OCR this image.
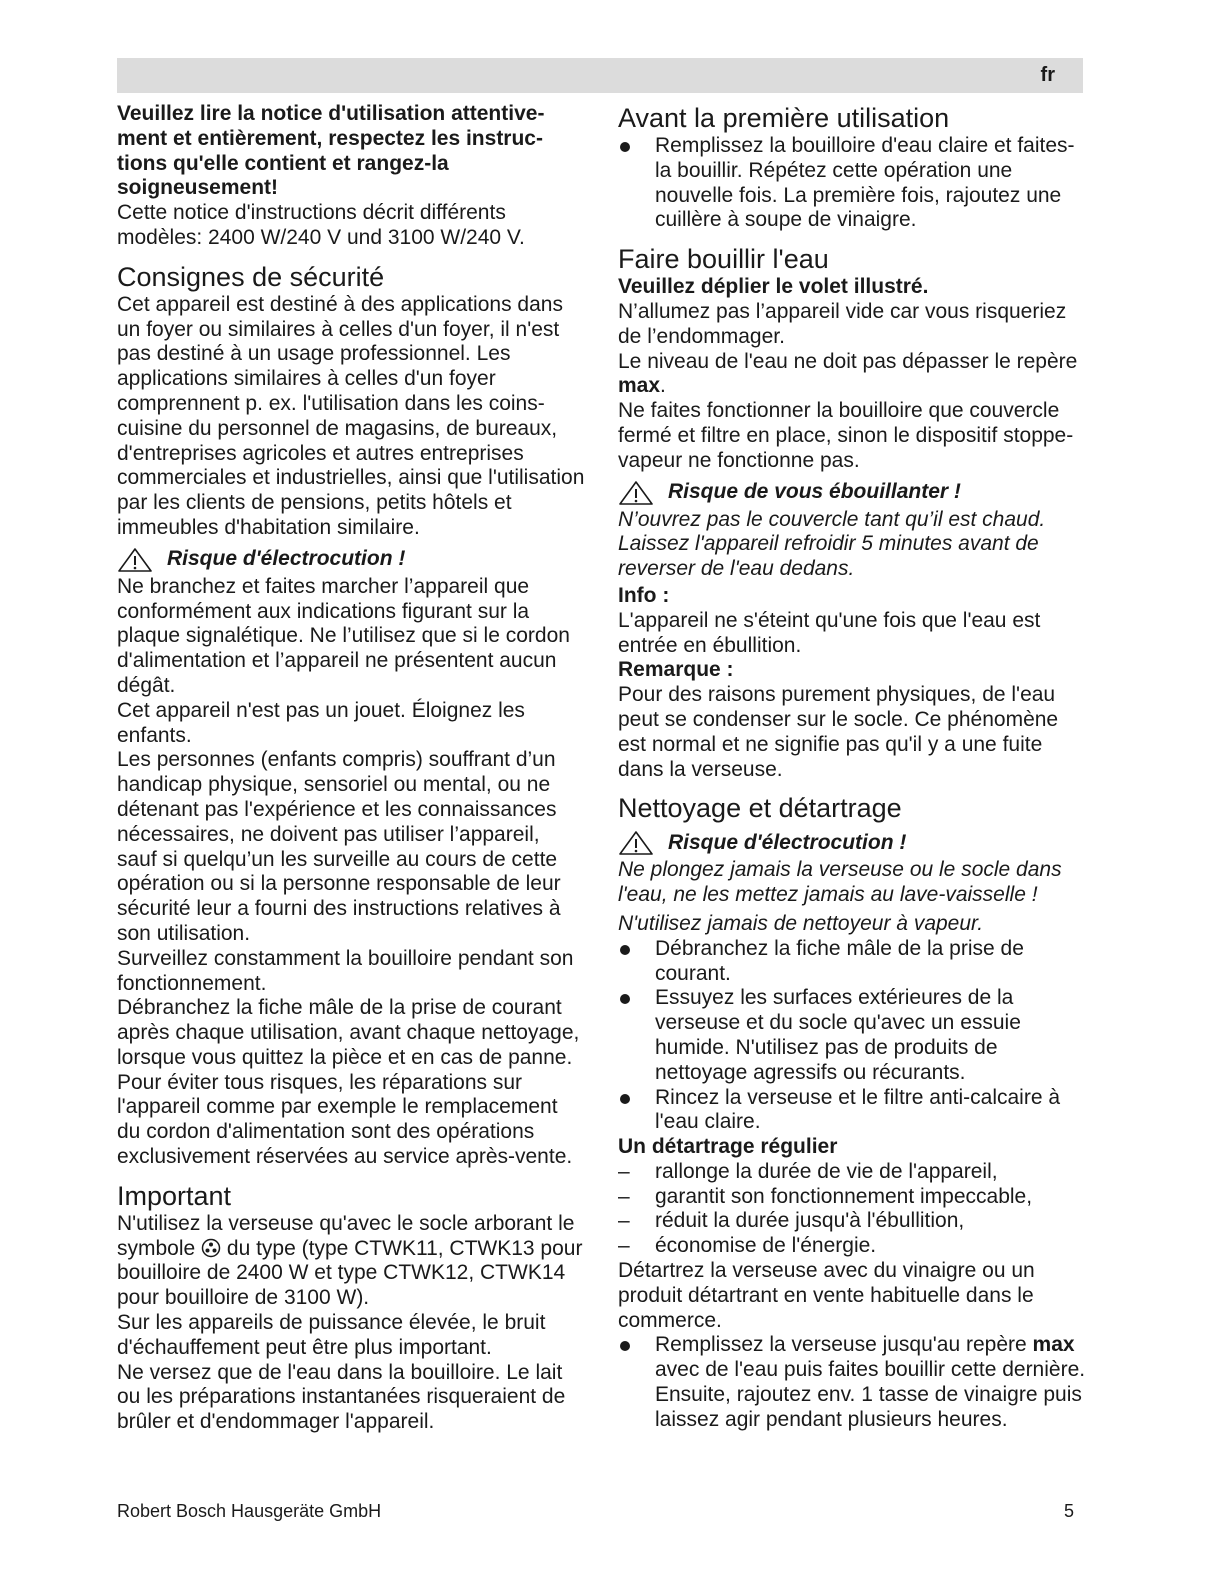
fr

Veuillez lire la notice d'utilisation attentivement et entièrement, respectez les instructions qu'elle contient et rangez-la soigneusement!

Cette notice d'instructions décrit différents modèles: 2400 W/240 V und 3100 W/240 V.

Consignes de sécurité

Cet appareil est destiné à des applications dans un foyer ou similaires à celles d'un foyer, il n'est pas destiné à un usage professionnel. Les applications similaires à celles d'un foyer comprennent p. ex. l'utilisation dans les coins-cuisine du personnel de magasins, de bureaux, d'entreprises agricoles et autres entreprises commerciales et industrielles, ainsi que l'utilisation par les clients de pensions, petits hôtels et immeubles d'habitation similaire.

Risque d'électrocution !

Ne branchez et faites marcher l’appareil que conformément aux indications figurant sur la plaque signalétique. Ne l’utilisez que si le cordon d'alimentation et l’appareil ne présentent aucun dégât.

Cet appareil n'est pas un jouet. Éloignez les enfants.

Les personnes (enfants compris) souffrant d’un handicap physique, sensoriel ou mental, ou ne détenant pas l'expérience et les connaissances nécessaires, ne doivent pas utiliser l’appareil, sauf si quelqu’un les surveille au cours de cette opération ou si la personne responsable de leur sécurité leur a fourni des instructions relatives à son utilisation.

Surveillez constamment la bouilloire pendant son fonctionnement.

Débranchez la fiche mâle de la prise de courant après chaque utilisation, avant chaque nettoyage, lorsque vous quittez la pièce et en cas de panne.

Pour éviter tous risques, les réparations sur l'appareil comme par exemple le remplacement du cordon d'alimentation sont des opérations exclusivement réservées au service après-vente.

Important

N'utilisez la verseuse qu'avec le socle arborant le symbole du type (type CTWK11, CTWK13 pour bouilloire de 2400 W et type CTWK12, CTWK14 pour bouilloire de 3100 W).

Sur les appareils de puissance élevée, le bruit d'échauffement peut être plus important.

Ne versez que de l'eau dans la bouilloire. Le lait ou les préparations instantanées risqueraient de brûler et d'endommager l'appareil.

Avant la première utilisation
Remplissez la bouilloire d'eau claire et faites-la bouillir. Répétez cette opération une nouvelle fois. La première fois, rajoutez une cuillère à soupe de vinaigre.
Faire bouillir l'eau

Veuillez déplier le volet illustré.

N’allumez pas l’appareil vide car vous risqueriez de l’endommager.

Le niveau de l'eau ne doit pas dépasser le repère max.

Ne faites fonctionner la bouilloire que couvercle fermé et filtre en place, sinon le dispositif stoppe-vapeur ne fonctionne pas.

Risque de vous ébouillanter !

N’ouvrez pas le couvercle tant qu’il est chaud. Laissez l'appareil refroidir 5 minutes avant de reverser de l'eau dedans.

Info :

L'appareil ne s'éteint qu'une fois que l'eau est entrée en ébullition.

Remarque :

Pour des raisons purement physiques, de l'eau peut se condenser sur le socle. Ce phénomène est normal et ne signifie pas qu'il y a une fuite dans la verseuse.

Nettoyage et détartrage
Risque d'électrocution !

Ne plongez jamais la verseuse ou le socle dans l'eau, ne les mettez jamais au lave-vaisselle !

N'utilisez jamais de nettoyeur à vapeur.

Débranchez la fiche mâle de la prise de courant.
Essuyez les surfaces extérieures de la verseuse et du socle qu'avec un essuie humide. N'utilisez pas de produits de nettoyage agressifs ou récurants.
Rincez la verseuse et le filtre anti-calcaire à l'eau claire.

Un détartrage régulier

– rallonge la durée de vie de l'appareil,
– garantit son fonctionnement impeccable,
– réduit la durée jusqu'à l'ébullition,
– économise de l'énergie.

Détartrez la verseuse avec du vinaigre ou un produit détartrant en vente habituelle dans le commerce.

Remplissez la verseuse jusqu'au repère max avec de l'eau puis faites bouillir cette dernière. Ensuite, rajoutez env. 1 tasse de vinaigre puis laissez agir pendant plusieurs heures.
Robert Bosch Hausgeräte GmbH	5
